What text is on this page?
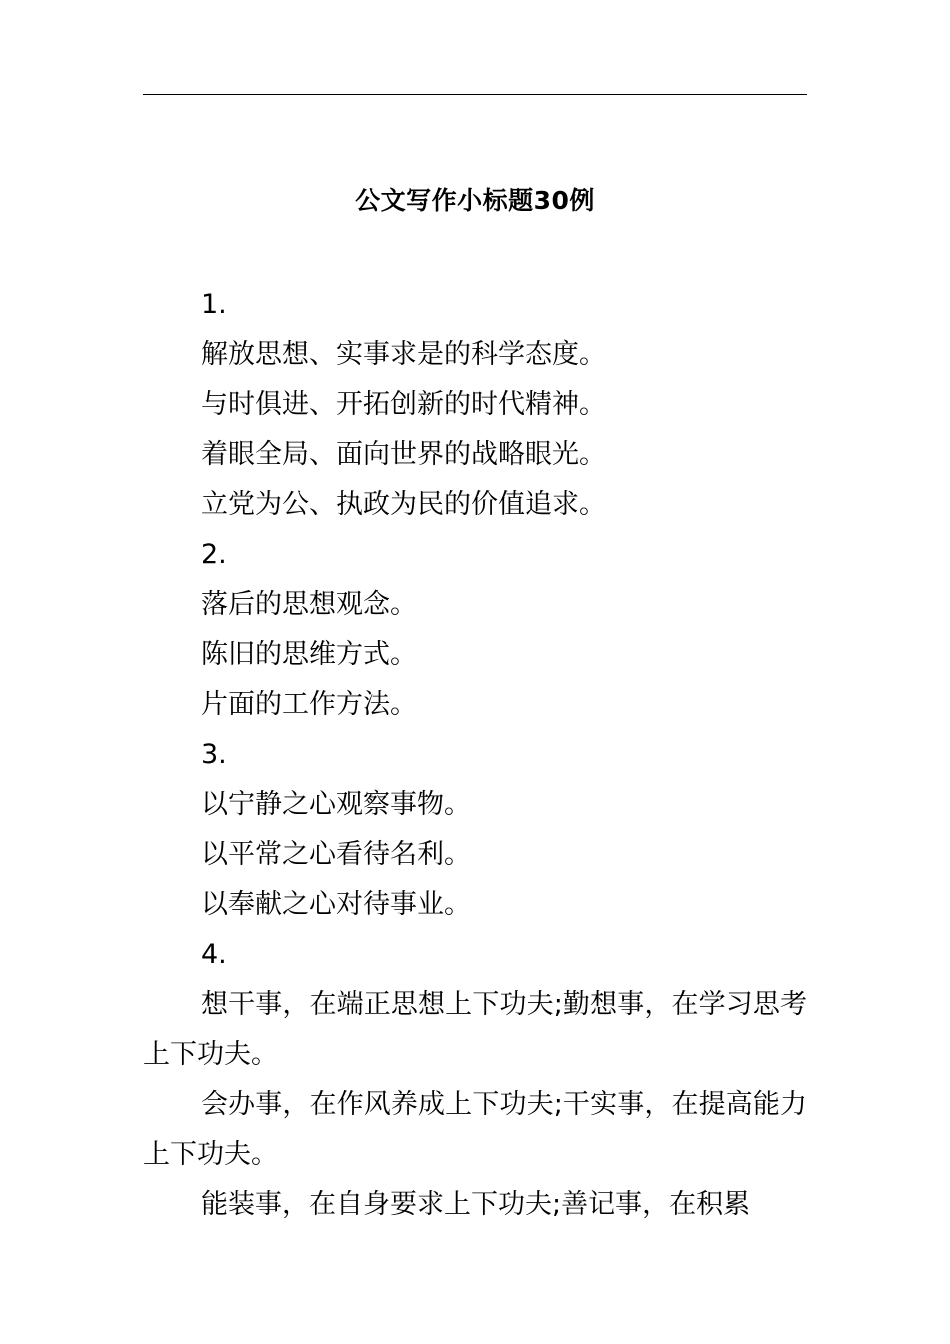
公文写作小标题30例

1.

解放思想、实事求是的科学态度。

与时俱进、开拓创新的时代精神。

着眼全局、面向世界的战略眼光。

立党为公、执政为民的价值追求。

2.

落后的思想观念。

陈旧的思维方式。

片面的工作方法。

3.

以宁静之心观察事物。

以平常之心看待名利。

以奉献之心对待事业。

4.

想干事，在端正思想上下功夫;勤想事，在学习思考上下功夫。

会办事，在作风养成上下功夫;干实事，在提高能力上下功夫。

能装事，在自身要求上下功夫;善记事，在积累
